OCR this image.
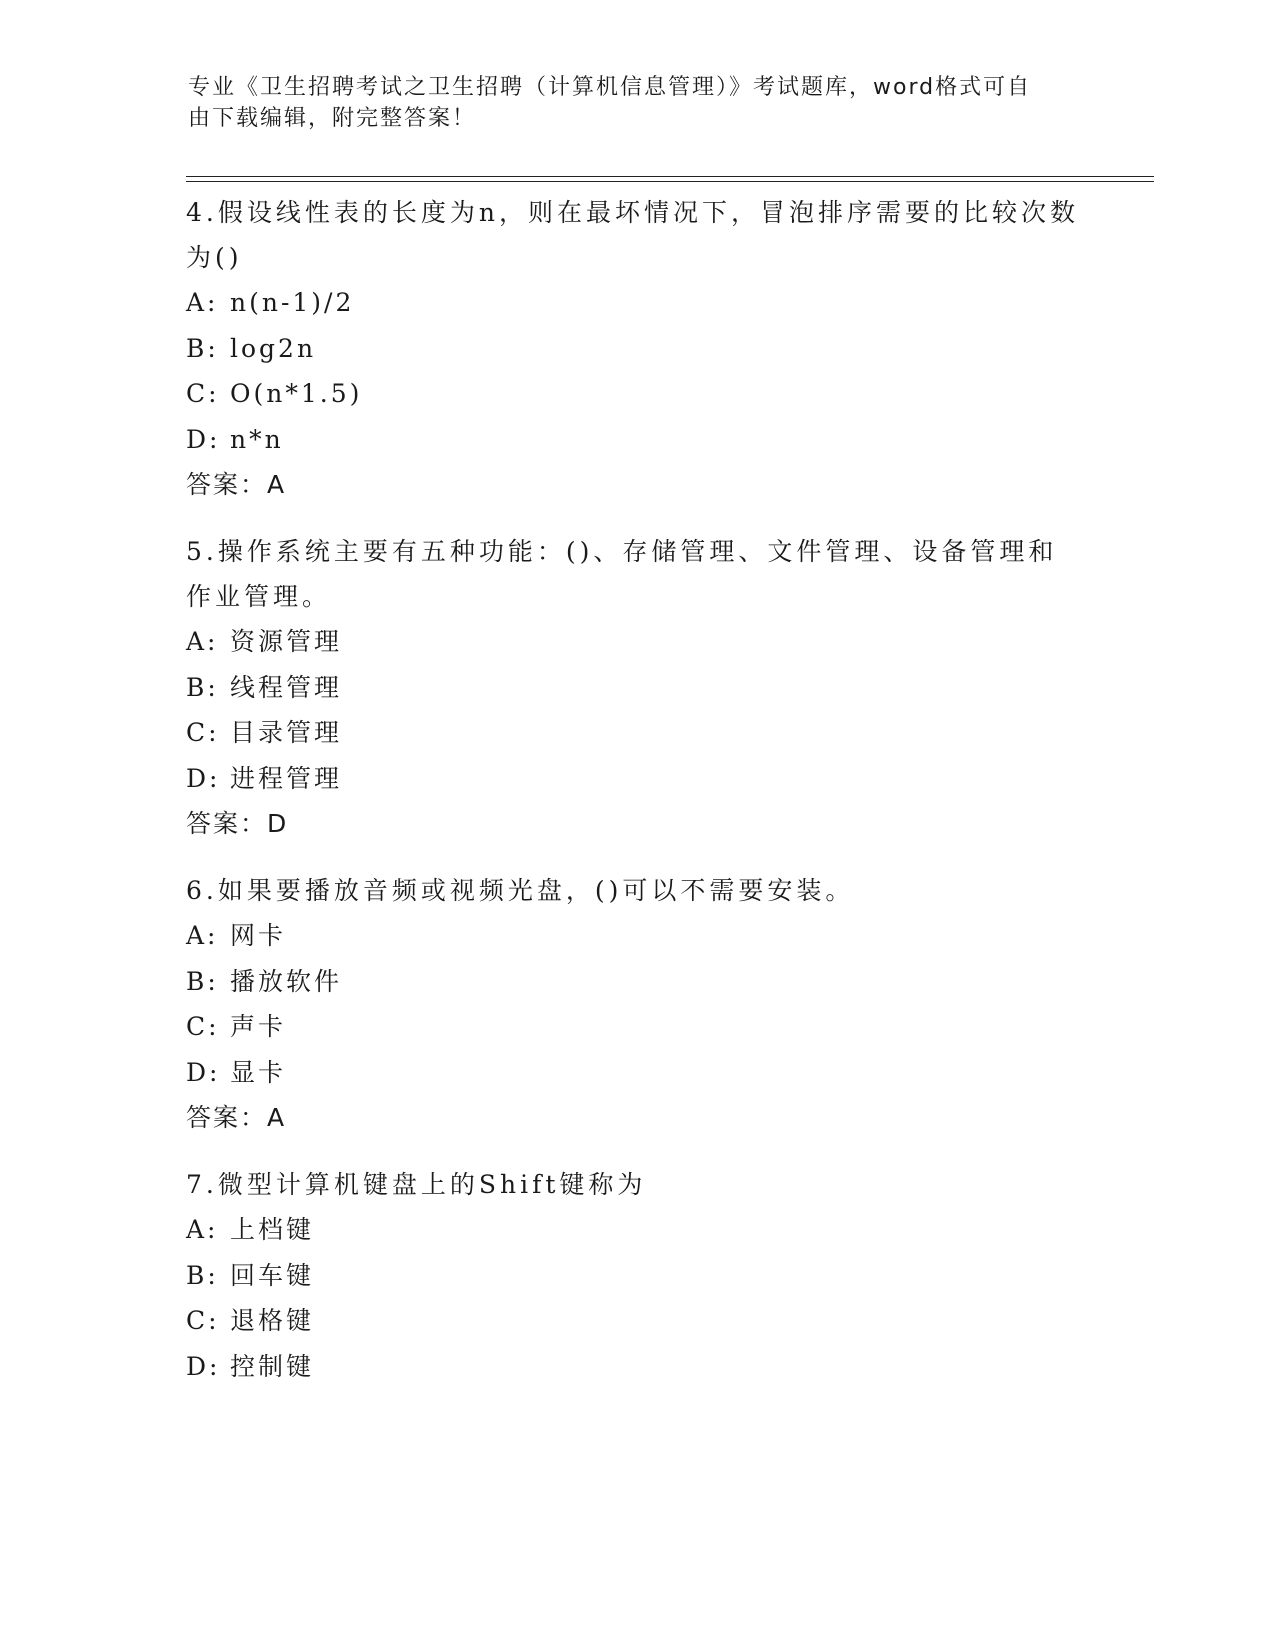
专业《卫生招聘考试之卫生招聘（计算机信息管理）》考试题库，word格式可自
由下载编辑，附完整答案！

4.假设线性表的长度为n，则在最坏情况下，冒泡排序需要的比较次数
为()

A: n(n-1)/2

B: log2n

C: O(n*1.5)

D: n*n

答案：A

5.操作系统主要有五种功能：()、存储管理、文件管理、设备管理和
作业管理。

A: 资源管理

B: 线程管理

C: 目录管理

D: 进程管理

答案：D

6.如果要播放音频或视频光盘，()可以不需要安装。

A: 网卡

B: 播放软件

C: 声卡

D: 显卡

答案：A

7.微型计算机键盘上的Shift键称为

A: 上档键

B: 回车键

C: 退格键

D: 控制键
